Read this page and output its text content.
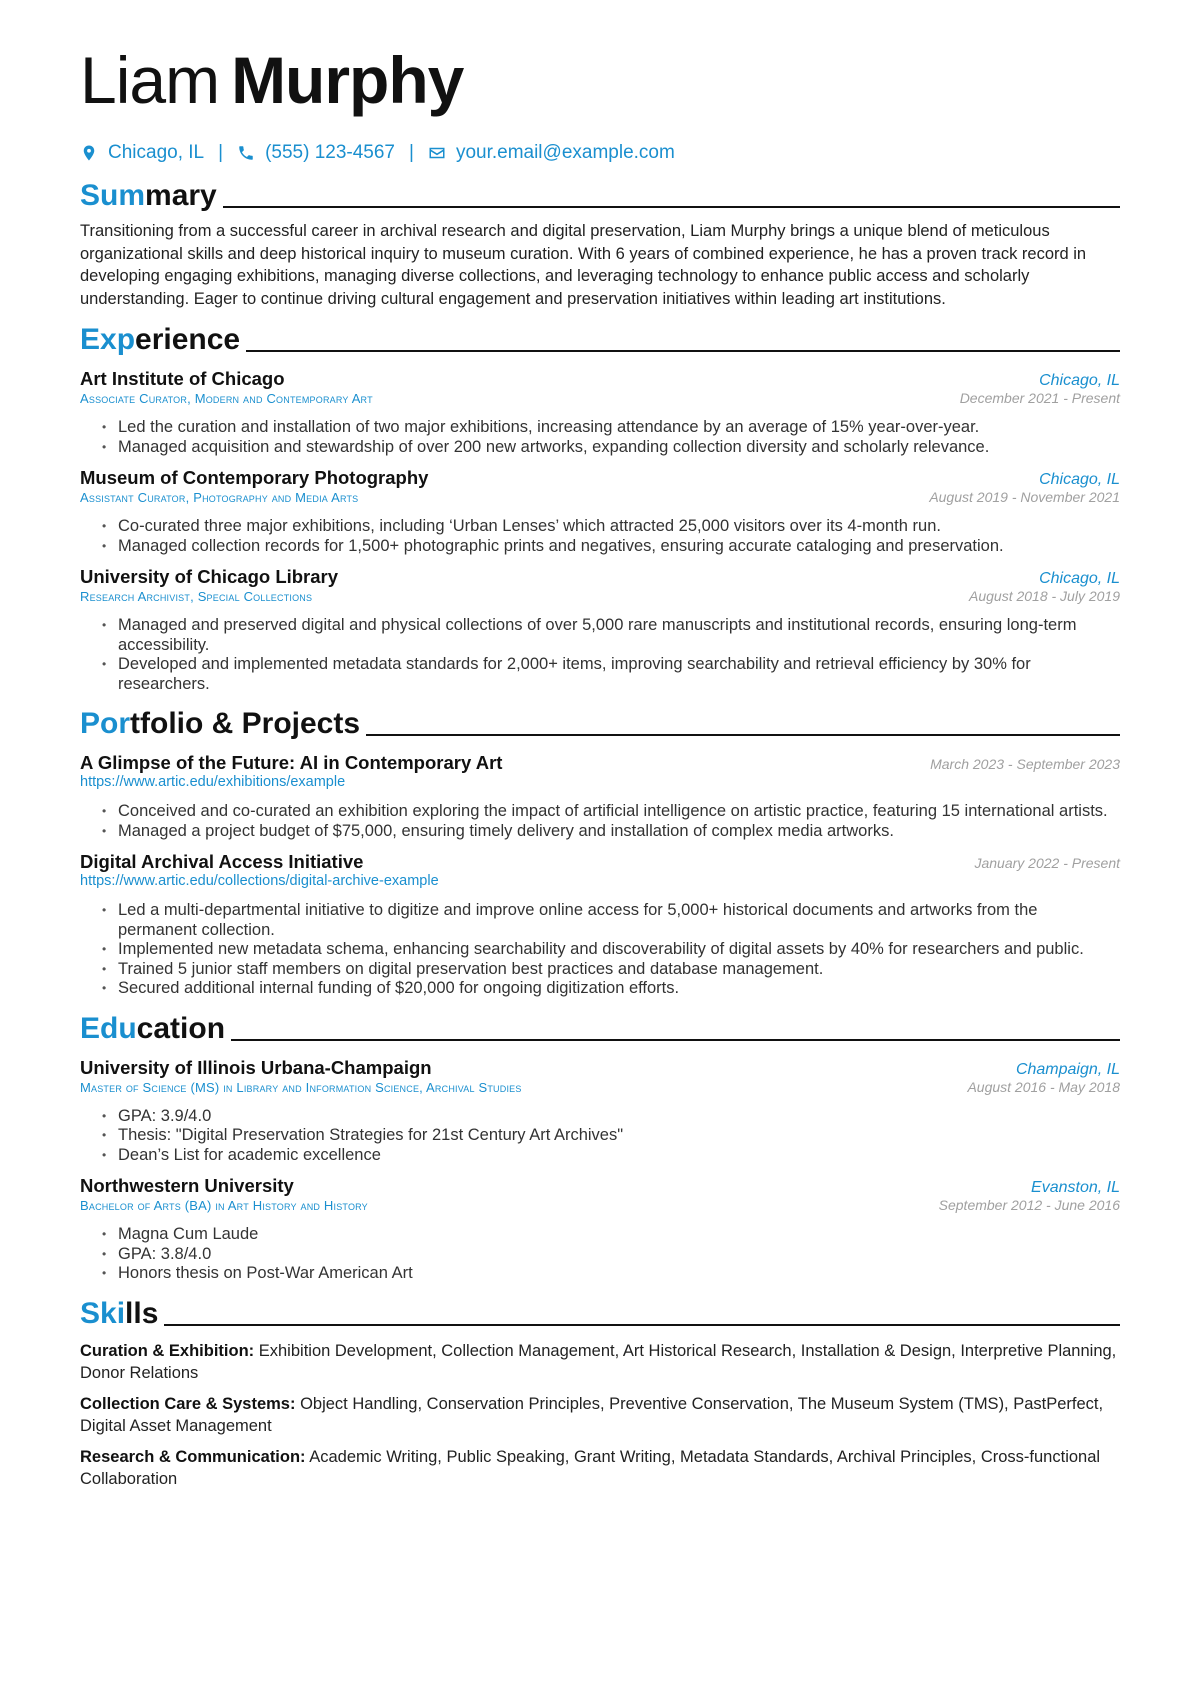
Liam Murphy
Chicago, IL | (555) 123-4567 | your.email@example.com
Summary
Transitioning from a successful career in archival research and digital preservation, Liam Murphy brings a unique blend of meticulous organizational skills and deep historical inquiry to museum curation. With 6 years of combined experience, he has a proven track record in developing engaging exhibitions, managing diverse collections, and leveraging technology to enhance public access and scholarly understanding. Eager to continue driving cultural engagement and preservation initiatives within leading art institutions.
Experience
Art Institute of Chicago	Chicago, IL
Associate Curator, Modern and Contemporary Art	December 2021 - Present
• Led the curation and installation of two major exhibitions, increasing attendance by an average of 15% year-over-year.
• Managed acquisition and stewardship of over 200 new artworks, expanding collection diversity and scholarly relevance.
Museum of Contemporary Photography	Chicago, IL
Assistant Curator, Photography and Media Arts	August 2019 - November 2021
• Co-curated three major exhibitions, including ‘Urban Lenses’ which attracted 25,000 visitors over its 4-month run.
• Managed collection records for 1,500+ photographic prints and negatives, ensuring accurate cataloging and preservation.
University of Chicago Library	Chicago, IL
Research Archivist, Special Collections	August 2018 - July 2019
• Managed and preserved digital and physical collections of over 5,000 rare manuscripts and institutional records, ensuring long-term accessibility.
• Developed and implemented metadata standards for 2,000+ items, improving searchability and retrieval efficiency by 30% for researchers.
Portfolio & Projects
A Glimpse of the Future: AI in Contemporary Art	March 2023 - September 2023
https://www.artic.edu/exhibitions/example
• Conceived and co-curated an exhibition exploring the impact of artificial intelligence on artistic practice, featuring 15 international artists.
• Managed a project budget of $75,000, ensuring timely delivery and installation of complex media artworks.
Digital Archival Access Initiative	January 2022 - Present
https://www.artic.edu/collections/digital-archive-example
• Led a multi-departmental initiative to digitize and improve online access for 5,000+ historical documents and artworks from the permanent collection.
• Implemented new metadata schema, enhancing searchability and discoverability of digital assets by 40% for researchers and public.
• Trained 5 junior staff members on digital preservation best practices and database management.
• Secured additional internal funding of $20,000 for ongoing digitization efforts.
Education
University of Illinois Urbana-Champaign	Champaign, IL
Master of Science (MS) in Library and Information Science, Archival Studies	August 2016 - May 2018
• GPA: 3.9/4.0
• Thesis: "Digital Preservation Strategies for 21st Century Art Archives"
• Dean’s List for academic excellence
Northwestern University	Evanston, IL
Bachelor of Arts (BA) in Art History and History	September 2012 - June 2016
• Magna Cum Laude
• GPA: 3.8/4.0
• Honors thesis on Post-War American Art
Skills
Curation & Exhibition: Exhibition Development, Collection Management, Art Historical Research, Installation & Design, Interpretive Planning, Donor Relations
Collection Care & Systems: Object Handling, Conservation Principles, Preventive Conservation, The Museum System (TMS), PastPerfect, Digital Asset Management
Research & Communication: Academic Writing, Public Speaking, Grant Writing, Metadata Standards, Archival Principles, Cross-functional Collaboration
